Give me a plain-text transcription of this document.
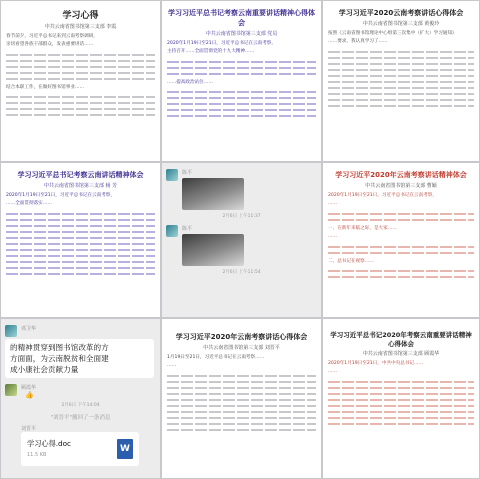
学习心得
中共云南省图书馆第三支部 李霞
春节前夕，习近平总书记来到云南考察调研，
亲切看望各族干部群众，发表重要讲话……
结合本职工作，在做好图书馆事业……
学习习近平总书记考察云南重要讲话精神心得体会
中共云南省图书馆第三支部 党员
2020年1月19日至21日，习近平总书记在云南考察，
主持召开……全面贯彻党的十九大精神……
……提高政治站位……
学习习近平2020云南考察讲话心得体会
中共云南省图书馆第三支部 黄俊玲
按照《云南省图书馆理论中心组第三次集中（扩大）学习通知》
……要求，我认真学习了……
学习习近平总书记考察云南讲话精神体会
中共云南省图书馆第三支部 杨 芳
2020年1月19日至21日，习近平总书记在云南考察，
……全面贯彻落实……
陈平
2月6日 上午11:37
陈平
2月6日 上午11:54
学习习近平2020年云南考察讲话精神体会
中共云南省图书馆第三支部 曹颖
2020年1月19日至21日，习近平总书记在云南考察，
……
一、在新年来临之际，是大家……
……
二、总书记在视察……
邓卫华
的精神贯穿到图书馆改革的方
方面面，为云南脱贫和全面建
成小康社会贡献力量
顾霞华
👍
2月6日 下午14:04
"刘晋平"撤回了一条消息
刘晋平
学习心得.doc
11.5 KB
W
学习习近平2020年云南考察讲话心得体会
中共云南省图书馆第三支部 刘晋平
1月19日至21日，习近平总书记在云南考察……
……
学习习近平总书记2020年考察云南重要讲话精神心得体会
中共云南省图书馆第三支部 顾霞华
2020年1月19日至21日，中共中央总书记……
……
